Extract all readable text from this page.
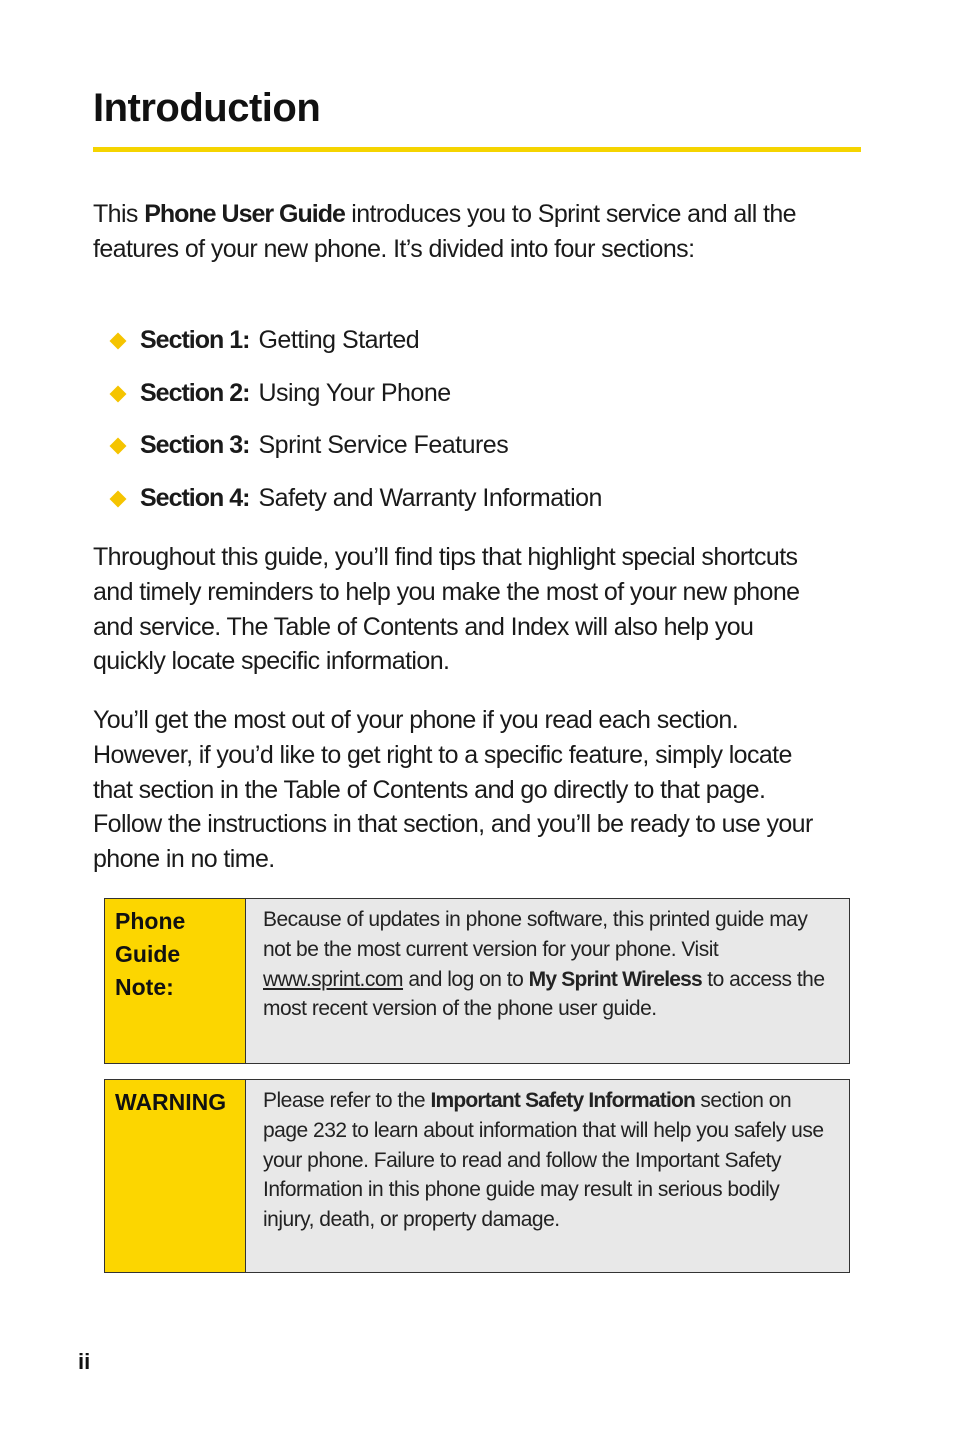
Introduction

This Phone User Guide introduces you to Sprint service and all the features of your new phone. It’s divided into four sections:

Section 1: Getting Started
Section 2: Using Your Phone
Section 3: Sprint Service Features
Section 4: Safety and Warranty Information

Throughout this guide, you’ll find tips that highlight special shortcuts and timely reminders to help you make the most of your new phone and service. The Table of Contents and Index will also help you quickly locate specific information.

You’ll get the most out of your phone if you read each section. However, if you’d like to get right to a specific feature, simply locate that section in the Table of Contents and go directly to that page. Follow the instructions in that section, and you’ll be ready to use your phone in no time.

Phone Guide Note:
Because of updates in phone software, this printed guide may not be the most current version for your phone. Visit www.sprint.com and log on to My Sprint Wireless to access the most recent version of the phone user guide.
WARNING	Please refer to the Important Safety Information section on page 232 to learn about information that will help you safely use your phone. Failure to read and follow the Important Safety Information in this phone guide may result in serious bodily injury, death, or property damage.
ii
